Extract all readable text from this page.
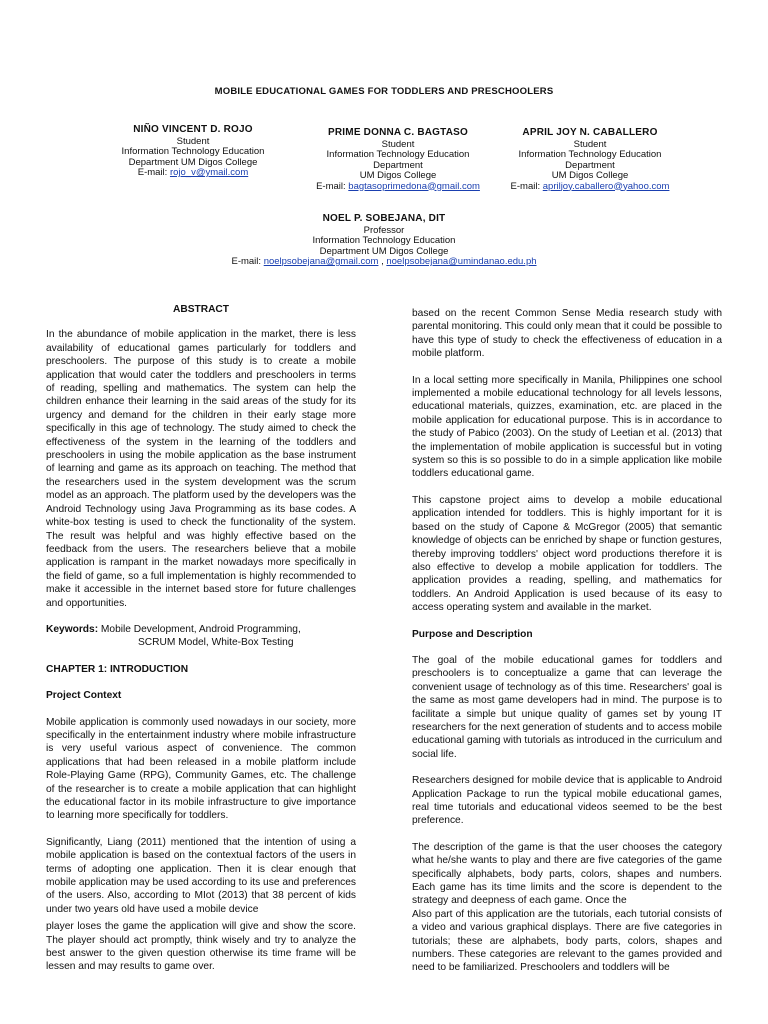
MOBILE EDUCATIONAL GAMES FOR TODDLERS AND PRESCHOOLERS
NIÑO VINCENT D. ROJO
Student
Information Technology Education
Department UM Digos College
E-mail: rojo_v@ymail.com
PRIME DONNA C. BAGTASO
Student
Information Technology Education
Department
UM Digos College
E-mail: bagtasoprimedona@gmail.com
APRIL JOY N. CABALLERO
Student
Information Technology Education
Department
UM Digos College
E-mail: apriljoy.caballero@yahoo.com
NOEL P. SOBEJANA, DIT
Professor
Information Technology Education
Department UM Digos College
E-mail: noelpsobejana@gmail.com , noelpsobejana@umindanao.edu.ph
ABSTRACT

In the abundance of mobile application in the market, there is less availability of educational games particularly for toddlers and preschoolers. The purpose of this study is to create a mobile application that would cater the toddlers and preschoolers in terms of reading, spelling and mathematics. The system can help the children enhance their learning in the said areas of the study for its urgency and demand for the children in their early stage more specifically in this age of technology. The study aimed to check the effectiveness of the system in the learning of the toddlers and preschoolers in using the mobile application as the base instrument of learning and game as its approach on teaching. The method that the researchers used in the system development was the scrum model as an approach. The platform used by the developers was the Android Technology using Java Programming as its base codes. A white-box testing is used to check the functionality of the system. The result was helpful and was highly effective based on the feedback from the users. The researchers believe that a mobile application is rampant in the market nowadays more specifically in the field of game, so a full implementation is highly recommended to make it accessible in the internet based store for future challenges and opportunities.

Keywords: Mobile Development, Android Programming,
SCRUM Model, White-Box Testing

CHAPTER 1: INTRODUCTION
Project Context

Mobile application is commonly used nowadays in our society, more specifically in the entertainment industry where mobile infrastructure is very useful various aspect of convenience. The common applications that had been released in a mobile platform include Role-Playing Game (RPG), Community Games, etc. The challenge of the researcher is to create a mobile application that can highlight the educational factor in its mobile infrastructure to give importance to learning more specifically for toddlers.

Significantly, Liang (2011) mentioned that the intention of using a mobile application is based on the contextual factors of the users in terms of adopting one application. Then it is clear enough that mobile application may be used according to its use and preferences of the users. Also, according to MIot (2013) that 38 percent of kids under two years old have used a mobile device

player loses the game the application will give and show the score. The player should act promptly, think wisely and try to analyze the best answer to the given question otherwise its time frame will be lessen and may results to game over.

based on the recent Common Sense Media research study with parental monitoring. This could only mean that it could be possible to have this type of study to check the effectiveness of education in a mobile platform.

In a local setting more specifically in Manila, Philippines one school implemented a mobile educational technology for all levels lessons, educational materials, quizzes, examination, etc. are placed in the mobile application for educational purpose. This is in accordance to the study of Pabico (2003). On the study of Leetian et al. (2013) that the implementation of mobile application is successful but in voting system so this is so possible to do in a simple application like mobile toddlers educational game.

This capstone project aims to develop a mobile educational application intended for toddlers. This is highly important for it is based on the study of Capone & McGregor (2005) that semantic knowledge of objects can be enriched by shape or function gestures, thereby improving toddlers' object word productions therefore it is also effective to develop a mobile application for toddlers. The application provides a reading, spelling, and mathematics for toddlers. An Android Application is used because of its easy to access operating system and available in the market.

Purpose and Description

The goal of the mobile educational games for toddlers and preschoolers is to conceptualize a game that can leverage the convenient usage of technology as of this time. Researchers' goal is the same as most game developers had in mind. The purpose is to facilitate a simple but unique quality of games set by young IT researchers for the next generation of students and to access mobile educational gaming with tutorials as introduced in the curriculum and social life.

Researchers designed for mobile device that is applicable to Android Application Package to run the typical mobile educational games, real time tutorials and educational videos seemed to be the best preference.

The description of the game is that the user chooses the category what he/she wants to play and there are five categories of the game specifically alphabets, body parts, colors, shapes and numbers. Each game has its time limits and the score is dependent to the strategy and deepness of each game. Once the

Also part of this application are the tutorials, each tutorial consists of a video and various graphical displays. There are five categories in tutorials; these are alphabets, body parts, colors, shapes and numbers. These categories are relevant to the games provided and need to be familiarized. Preschoolers and toddlers will be
